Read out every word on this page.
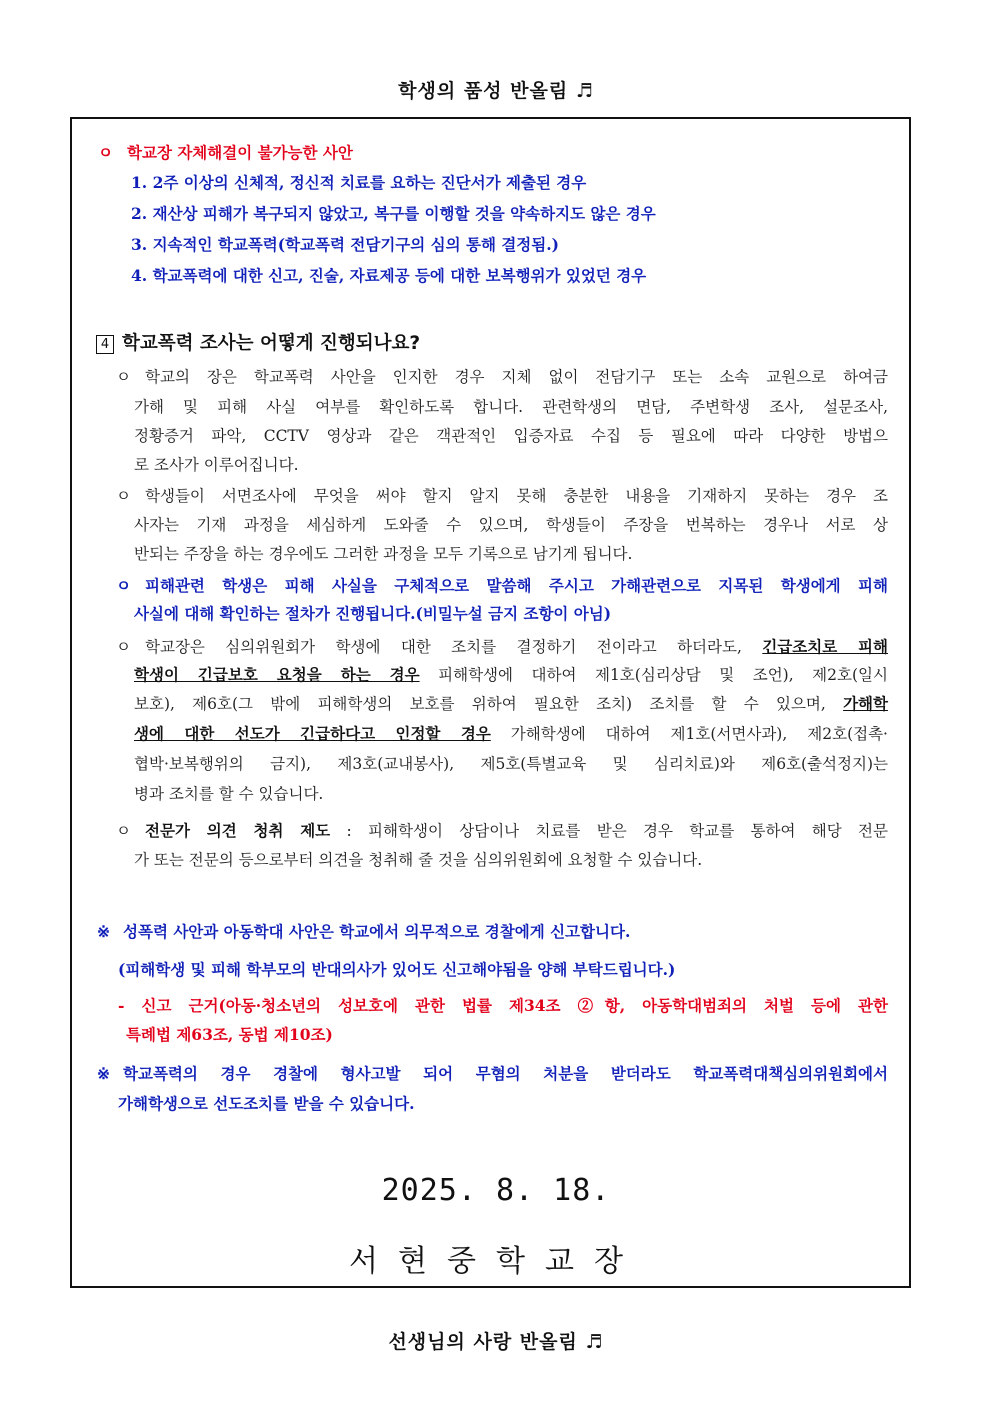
학생의 품성 반올림 ♬
ㅇ 학교장 자체해결이 불가능한 사안
1. 2주 이상의 신체적, 정신적 치료를 요하는 진단서가 제출된 경우
2. 재산상 피해가 복구되지 않았고, 복구를 이행할 것을 약속하지도 않은 경우
3. 지속적인 학교폭력(학교폭력 전담기구의 심의 통해 결정됨.)
4. 학교폭력에 대한 신고, 진술, 자료제공 등에 대한 보복행위가 있었던 경우
4 학교폭력 조사는 어떻게 진행되나요?
ㅇ 학교의 장은 학교폭력 사안을 인지한 경우 지체 없이 전담기구 또는 소속 교원으로 하여금
가해 및 피해 사실 여부를 확인하도록 합니다. 관련학생의 면담, 주변학생 조사, 설문조사,
정황증거 파악, CCTV 영상과 같은 객관적인 입증자료 수집 등 필요에 따라 다양한 방법으
로 조사가 이루어집니다.
ㅇ 학생들이 서면조사에 무엇을 써야 할지 알지 못해 충분한 내용을 기재하지 못하는 경우 조
사자는 기재 과정을 세심하게 도와줄 수 있으며, 학생들이 주장을 번복하는 경우나 서로 상
반되는 주장을 하는 경우에도 그러한 과정을 모두 기록으로 남기게 됩니다.
ㅇ 피해관련 학생은 피해 사실을 구체적으로 말씀해 주시고 가해관련으로 지목된 학생에게 피해
사실에 대해 확인하는 절차가 진행됩니다.(비밀누설 금지 조항이 아님)
ㅇ 학교장은 심의위원회가 학생에 대한 조치를 결정하기 전이라고 하더라도, 긴급조치로 피해
학생이 긴급보호 요청을 하는 경우 피해학생에 대하여 제1호(심리상담 및 조언), 제2호(일시
보호), 제6호(그 밖에 피해학생의 보호를 위하여 필요한 조치) 조치를 할 수 있으며, 가해학
생에 대한 선도가 긴급하다고 인정할 경우 가해학생에 대하여 제1호(서면사과), 제2호(접촉·
협박·보복행위의 금지), 제3호(교내봉사), 제5호(특별교육 및 심리치료)와 제6호(출석정지)는
병과 조치를 할 수 있습니다.
ㅇ 전문가 의견 청취 제도 : 피해학생이 상담이나 치료를 받은 경우 학교를 통하여 해당 전문
가 또는 전문의 등으로부터 의견을 청취해 줄 것을 심의위원회에 요청할 수 있습니다.
※ 성폭력 사안과 아동학대 사안은 학교에서 의무적으로 경찰에게 신고합니다.
(피해학생 및 피해 학부모의 반대의사가 있어도 신고해야됨을 양해 부탁드립니다.)
- 신고 근거(아동·청소년의 성보호에 관한 법률 제34조 ②항, 아동학대범죄의 처벌 등에 관한
특례법 제63조, 동법 제10조)
※ 학교폭력의 경우 경찰에 형사고발 되어 무혐의 처분을 받더라도 학교폭력대책심의위원회에서
가해학생으로 선도조치를 받을 수 있습니다.
2025. 8. 18.
서현중학교장
선생님의 사랑 반올림 ♬
